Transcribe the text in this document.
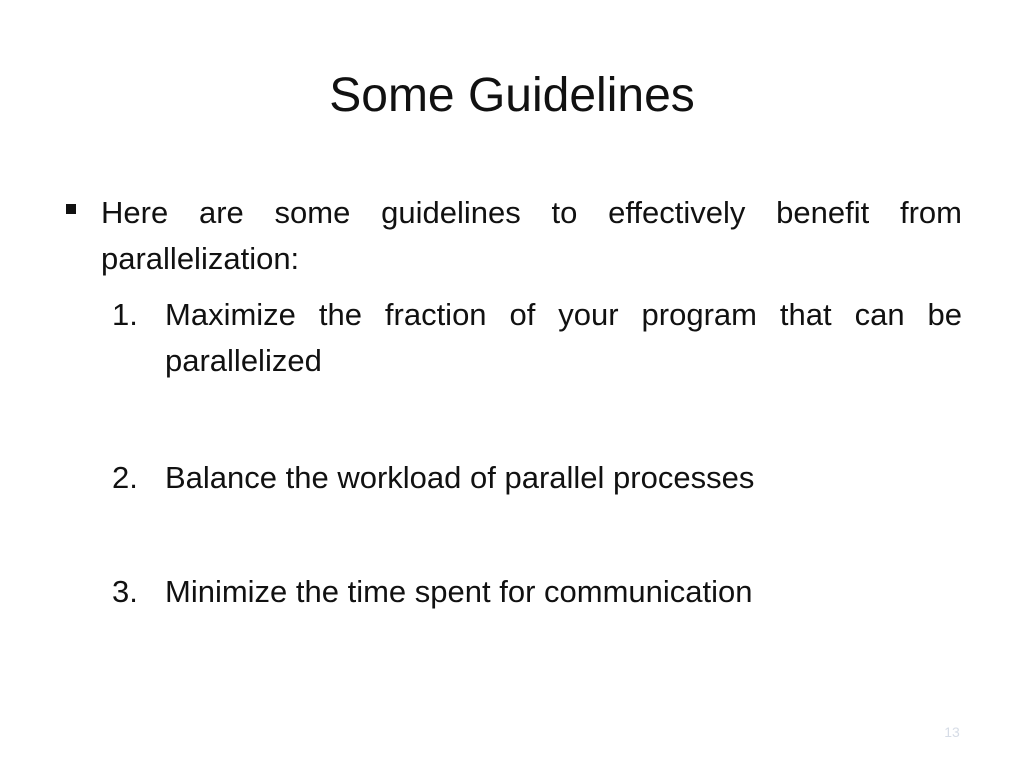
Some Guidelines
Here are some guidelines to effectively benefit from parallelization:
1. Maximize the fraction of your program that can be parallelized
2. Balance the workload of parallel processes
3. Minimize the time spent for communication
13
